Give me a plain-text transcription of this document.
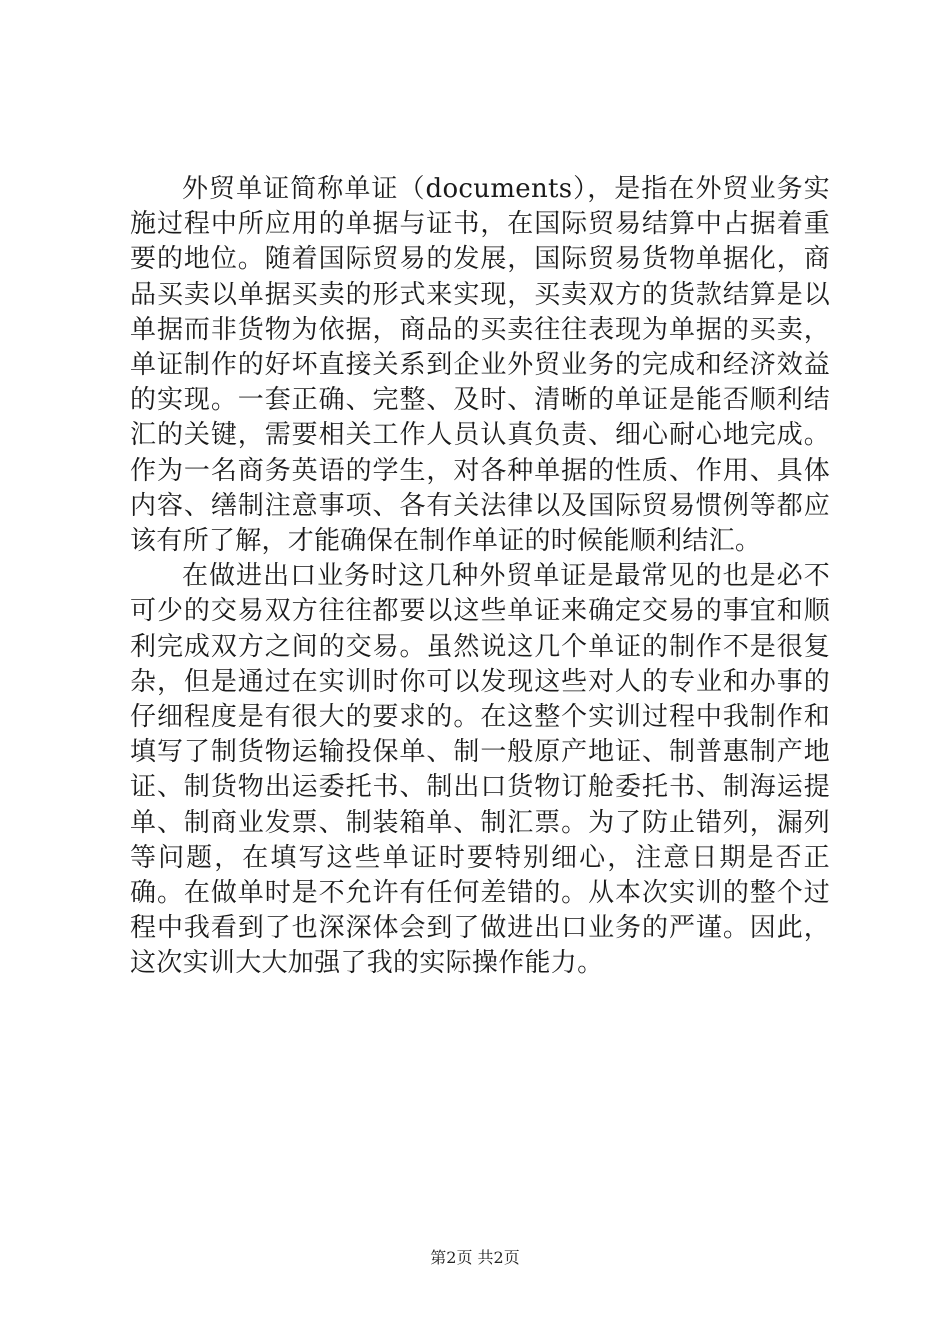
外贸单证简称单证（documents），是指在外贸业务实施过程中所应用的单据与证书，在国际贸易结算中占据着重要的地位。随着国际贸易的发展，国际贸易货物单据化，商品买卖以单据买卖的形式来实现，买卖双方的货款结算是以单据而非货物为依据，商品的买卖往往表现为单据的买卖，单证制作的好坏直接关系到企业外贸业务的完成和经济效益的实现。一套正确、完整、及时、清晰的单证是能否顺利结汇的关键，需要相关工作人员认真负责、细心耐心地完成。作为一名商务英语的学生，对各种单据的性质、作用、具体内容、缮制注意事项、各有关法律以及国际贸易惯例等都应该有所了解，才能确保在制作单证的时候能顺利结汇。

在做进出口业务时这几种外贸单证是最常见的也是必不可少的交易双方往往都要以这些单证来确定交易的事宜和顺利完成双方之间的交易。虽然说这几个单证的制作不是很复杂，但是通过在实训时你可以发现这些对人的专业和办事的仔细程度是有很大的要求的。在这整个实训过程中我制作和填写了制货物运输投保单、制一般原产地证、制普惠制产地证、制货物出运委托书、制出口货物订舱委托书、制海运提单、制商业发票、制装箱单、制汇票。为了防止错列，漏列等问题，在填写这些单证时要特别细心，注意日期是否正确。在做单时是不允许有任何差错的。从本次实训的整个过程中我看到了也深深体会到了做进出口业务的严谨。因此，这次实训大大加强了我的实际操作能力。

第2页 共2页
